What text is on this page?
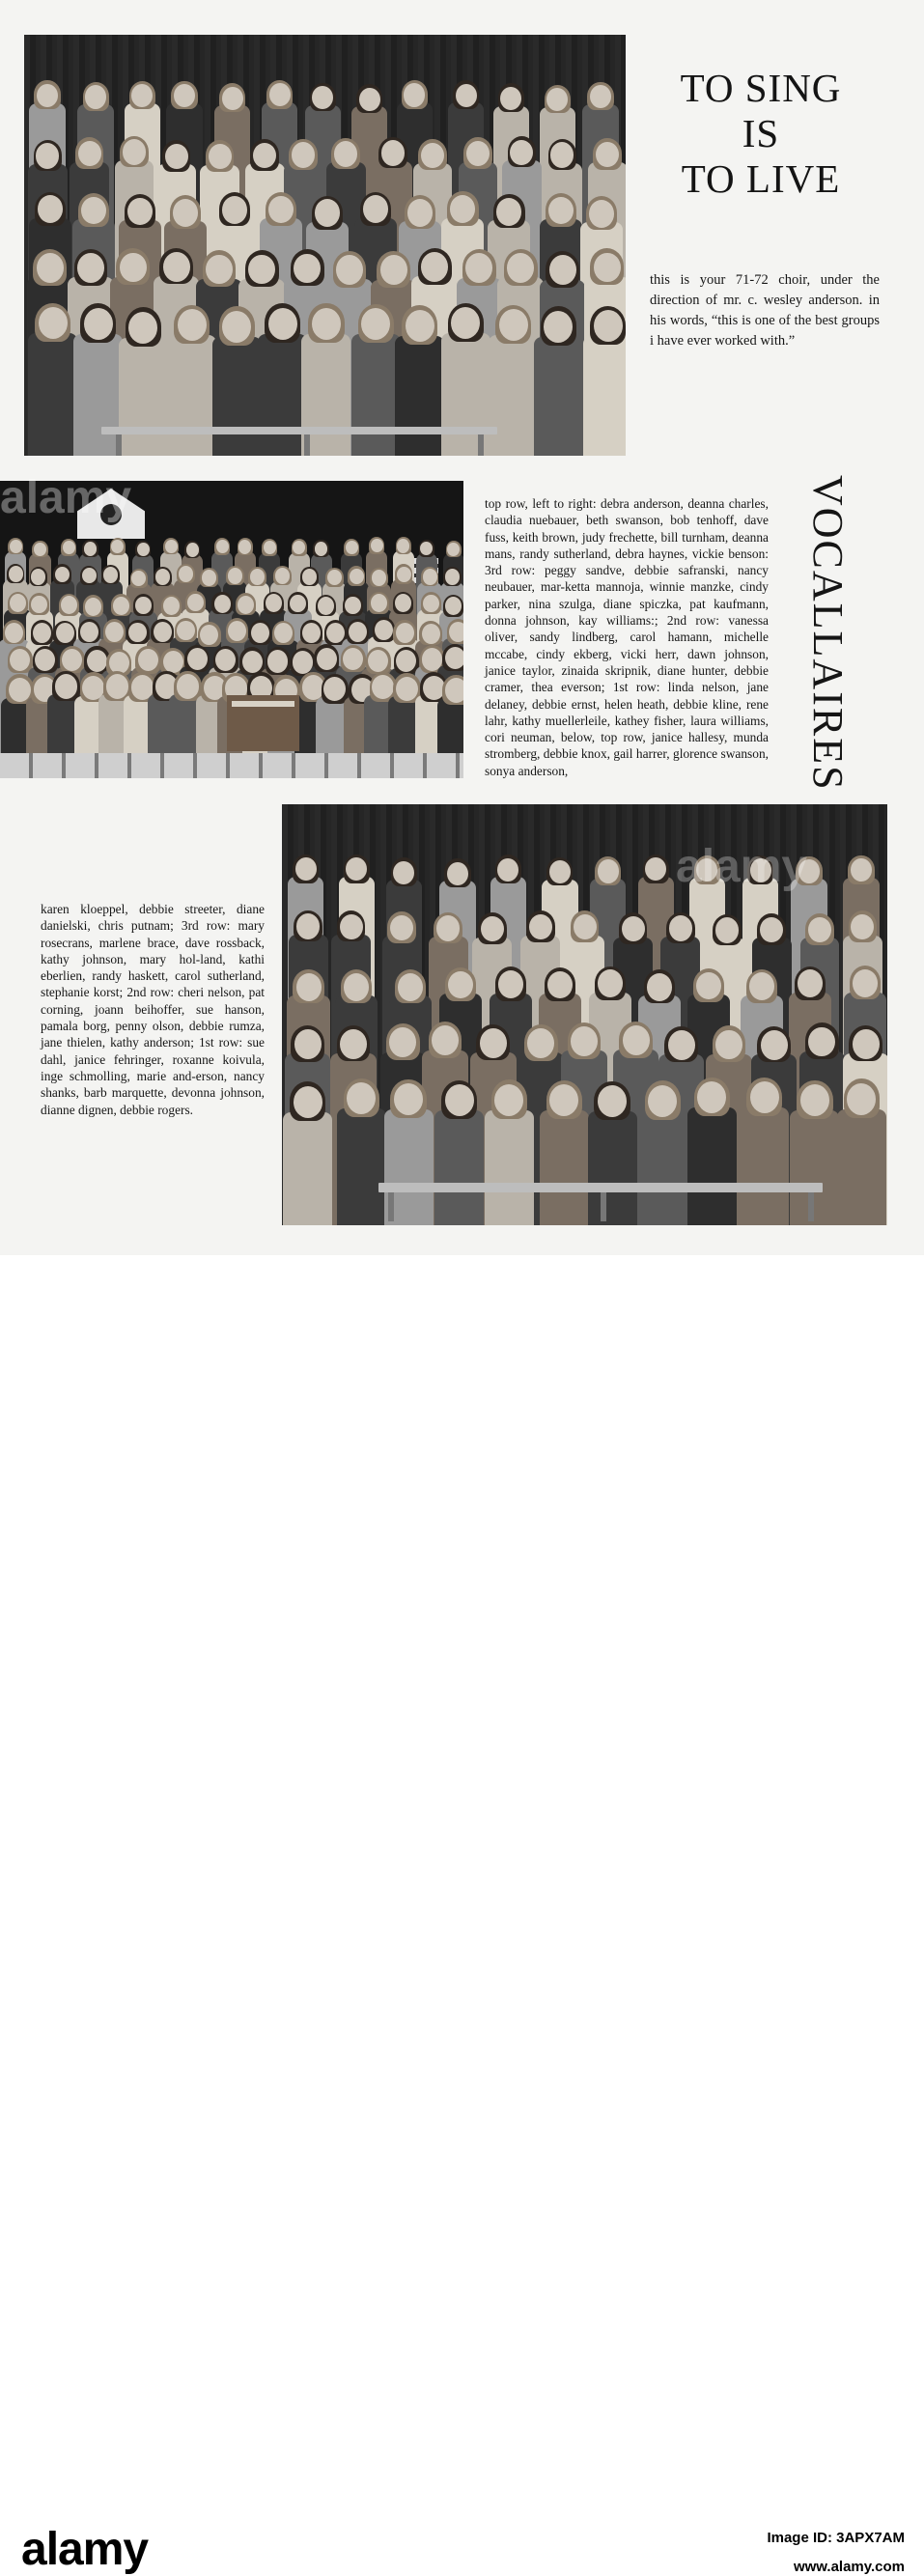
TO SING
IS
TO LIVE
this is your 71-72 choir, under the direction of mr. c. wesley anderson. in his words, “this is one of the best groups i have ever worked with.”
top row, left to right: debra anderson, deanna charles, claudia nuebauer, beth swanson, bob tenhoff, dave fuss, keith brown, judy frechette, bill turnham, deanna mans, randy sutherland, debra haynes, vickie benson: 3rd row: peggy sandve, debbie safranski, nancy neubauer, mar-ketta mannoja, winnie manzke, cindy parker, nina szulga, diane spiczka, pat kaufmann, donna johnson, kay williams:; 2nd row: vanessa oliver, sandy lindberg, carol hamann, michelle mccabe, cindy ekberg, vicki herr, dawn johnson, janice taylor, zinaida skripnik, diane hunter, debbie cramer, thea everson; 1st row: linda nelson, jane delaney, debbie ernst, helen heath, debbie kline, rene lahr, kathy muellerleile, kathey fisher, laura williams, cori neuman, below, top row, janice hallesy, munda stromberg, debbie knox, gail harrer, glorence swanson, sonya anderson,	VOCALLAIRES
karen kloeppel, debbie streeter, diane danielski, chris putnam; 3rd row: mary rosecrans, marlene brace, dave rossback, kathy johnson, mary hol-land, kathi eberlien, randy haskett, carol sutherland, stephanie korst; 2nd row: cheri nelson, pat corning, joann beihoffer, sue hanson, pamala borg, penny olson, debbie rumza, jane thielen, kathy anderson; 1st row: sue dahl, janice fehringer, roxanne koivula, inge schmolling, marie and-erson, nancy shanks, barb marquette, devonna johnson, dianne dignen, debbie rogers.
alamy
alamy
alamy	Image ID: 3APX7AM
www.alamy.com
